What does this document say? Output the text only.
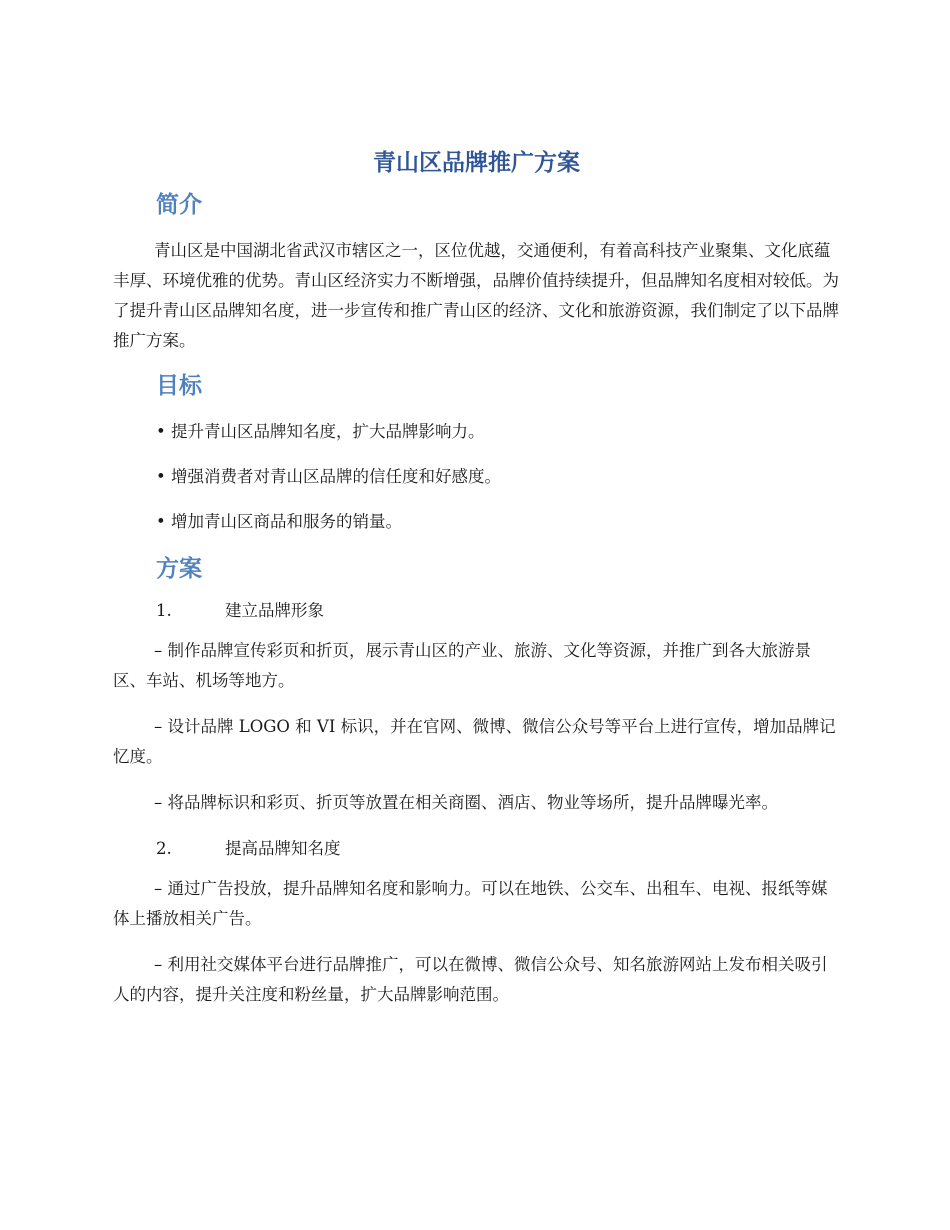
青山区品牌推广方案
简介

青山区是中国湖北省武汉市辖区之一，区位优越，交通便利，有着高科技产业聚集、文化底蕴丰厚、环境优雅的优势。青山区经济实力不断增强，品牌价值持续提升，但品牌知名度相对较低。为了提升青山区品牌知名度，进一步宣传和推广青山区的经济、文化和旅游资源，我们制定了以下品牌推广方案。

目标

• 提升青山区品牌知名度，扩大品牌影响力。

• 增强消费者对青山区品牌的信任度和好感度。

• 增加青山区商品和服务的销量。

方案

1.	建立品牌形象

– 制作品牌宣传彩页和折页，展示青山区的产业、旅游、文化等资源，并推广到各大旅游景区、车站、机场等地方。

– 设计品牌 LOGO 和 VI 标识，并在官网、微博、微信公众号等平台上进行宣传，增加品牌记忆度。

– 将品牌标识和彩页、折页等放置在相关商圈、酒店、物业等场所，提升品牌曝光率。

2.	提高品牌知名度

– 通过广告投放，提升品牌知名度和影响力。可以在地铁、公交车、出租车、电视、报纸等媒体上播放相关广告。

– 利用社交媒体平台进行品牌推广，可以在微博、微信公众号、知名旅游网站上发布相关吸引人的内容，提升关注度和粉丝量，扩大品牌影响范围。
